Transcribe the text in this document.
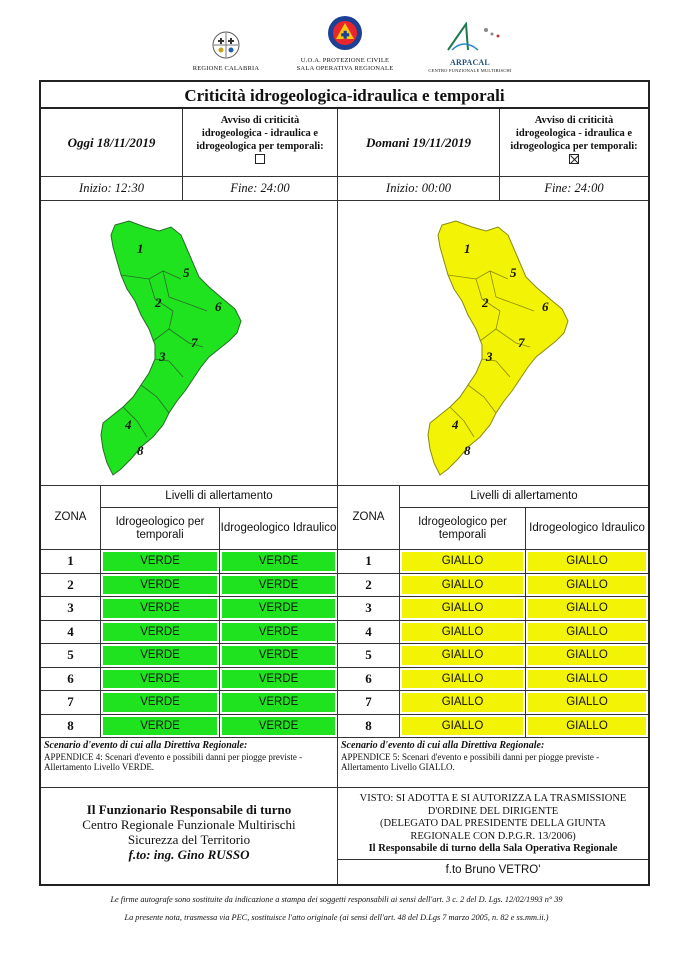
REGIONE CALABRIA
U.O.A. PROTEZIONE CIVILE
SALA OPERATIVA REGIONALE
ARPACAL
CENTRO FUNZIONALE MULTIRISCHI
Criticità idrogeologica-idraulica e temporali
Oggi 18/11/2019
Avviso di criticità
idrogeologica - idraulica e
idrogeologica per temporali:	Domani 19/11/2019
Avviso di criticità
idrogeologica - idraulica e
idrogeologica per temporali:
Inizio: 12:30	Fine: 24:00	Inizio: 00:00	Fine: 24:00
1
5
2	6
7
3
4
8
1
5
2	6
7
3
4
8
ZONA
Livelli di allertamento
Idrogeologico per temporali
Idrogeologico Idraulico
ZONA
Livelli di allertamento
Idrogeologico per temporali
Idrogeologico Idraulico
1	VERDE	VERDE	1	GIALLO	GIALLO
2	VERDE	VERDE	2	GIALLO	GIALLO
3	VERDE	VERDE	3	GIALLO	GIALLO
4	VERDE	VERDE	4	GIALLO	GIALLO
5	VERDE	VERDE	5	GIALLO	GIALLO
6	VERDE	VERDE	6	GIALLO	GIALLO
7	VERDE	VERDE	7	GIALLO	GIALLO
8	VERDE	VERDE	8	GIALLO	GIALLO
Scenario d'evento di cui alla Direttiva Regionale:
APPENDICE 4: Scenari d'evento e possibili danni per piogge previste - Allertamento Livello VERDE.
Scenario d'evento di cui alla Direttiva Regionale:
APPENDICE 5: Scenari d'evento e possibili danni per piogge previste - Allertamento Livello GIALLO.
Il Funzionario Responsabile di turno
Centro Regionale Funzionale Multirischi
Sicurezza del Territorio
f.to: ing. Gino RUSSO
VISTO: SI ADOTTA E SI AUTORIZZA LA TRASMISSIONE
D'ORDINE DEL DIRIGENTE
(DELEGATO DAL PRESIDENTE DELLA GIUNTA
REGIONALE CON D.P.G.R. 13/2006)
Il Responsabile di turno della Sala Operativa Regionale
f.to Bruno VETRO'
Le firme autografe sono sostituite da indicazione a stampa dei soggetti responsabili ai sensi dell'art. 3 c. 2 del D. Lgs. 12/02/1993 n° 39
La presente nota, trasmessa via PEC, sostituisce l'atto originale (ai sensi dell'art. 48 del D.Lgs 7 marzo 2005, n. 82 e ss.mm.ii.)
